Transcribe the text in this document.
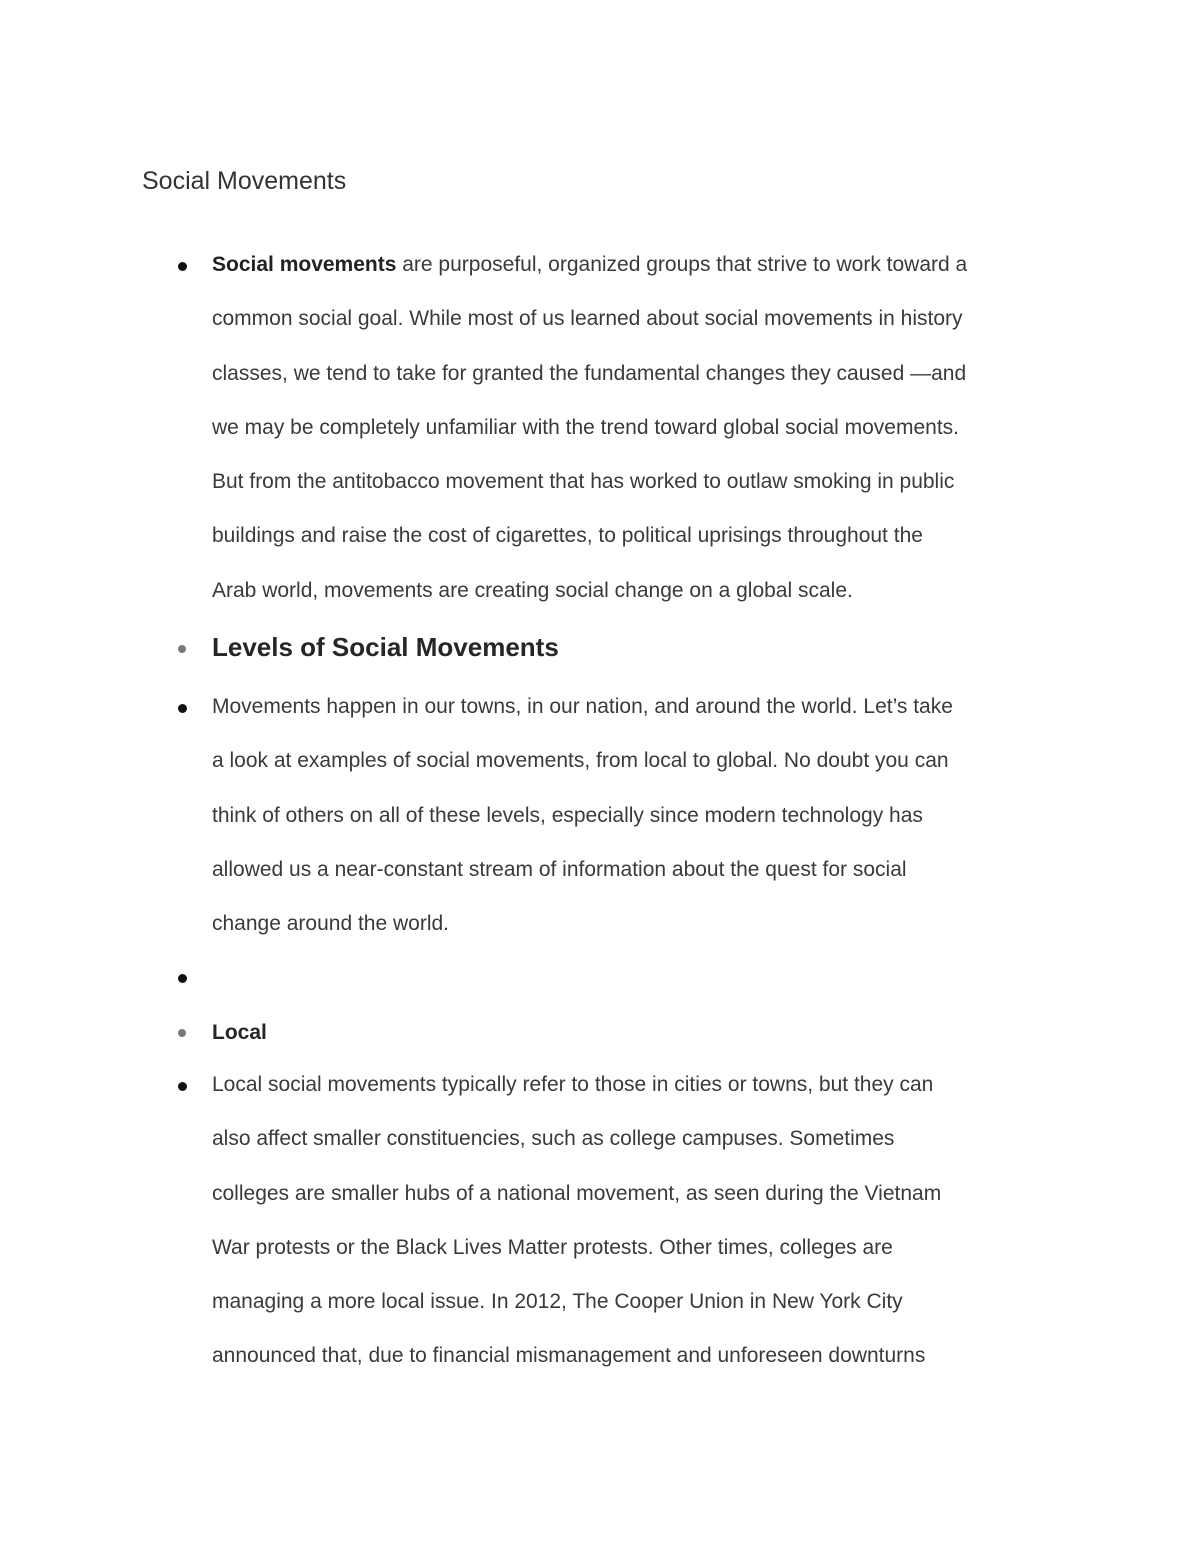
Social Movements

Social movements are purposeful, organized groups that strive to work toward a
common social goal. While most of us learned about social movements in history
classes, we tend to take for granted the fundamental changes they caused —and
we may be completely unfamiliar with the trend toward global social movements.
But from the antitobacco movement that has worked to outlaw smoking in public
buildings and raise the cost of cigarettes, to political uprisings throughout the
Arab world, movements are creating social change on a global scale.

Levels of Social Movements

Movements happen in our towns, in our nation, and around the world. Let’s take
a look at examples of social movements, from local to global. No doubt you can
think of others on all of these levels, especially since modern technology has
allowed us a near-constant stream of information about the quest for social
change around the world.

Local

Local social movements typically refer to those in cities or towns, but they can
also affect smaller constituencies, such as college campuses. Sometimes
colleges are smaller hubs of a national movement, as seen during the Vietnam
War protests or the Black Lives Matter protests. Other times, colleges are
managing a more local issue. In 2012, The Cooper Union in New York City
announced that, due to financial mismanagement and unforeseen downturns
